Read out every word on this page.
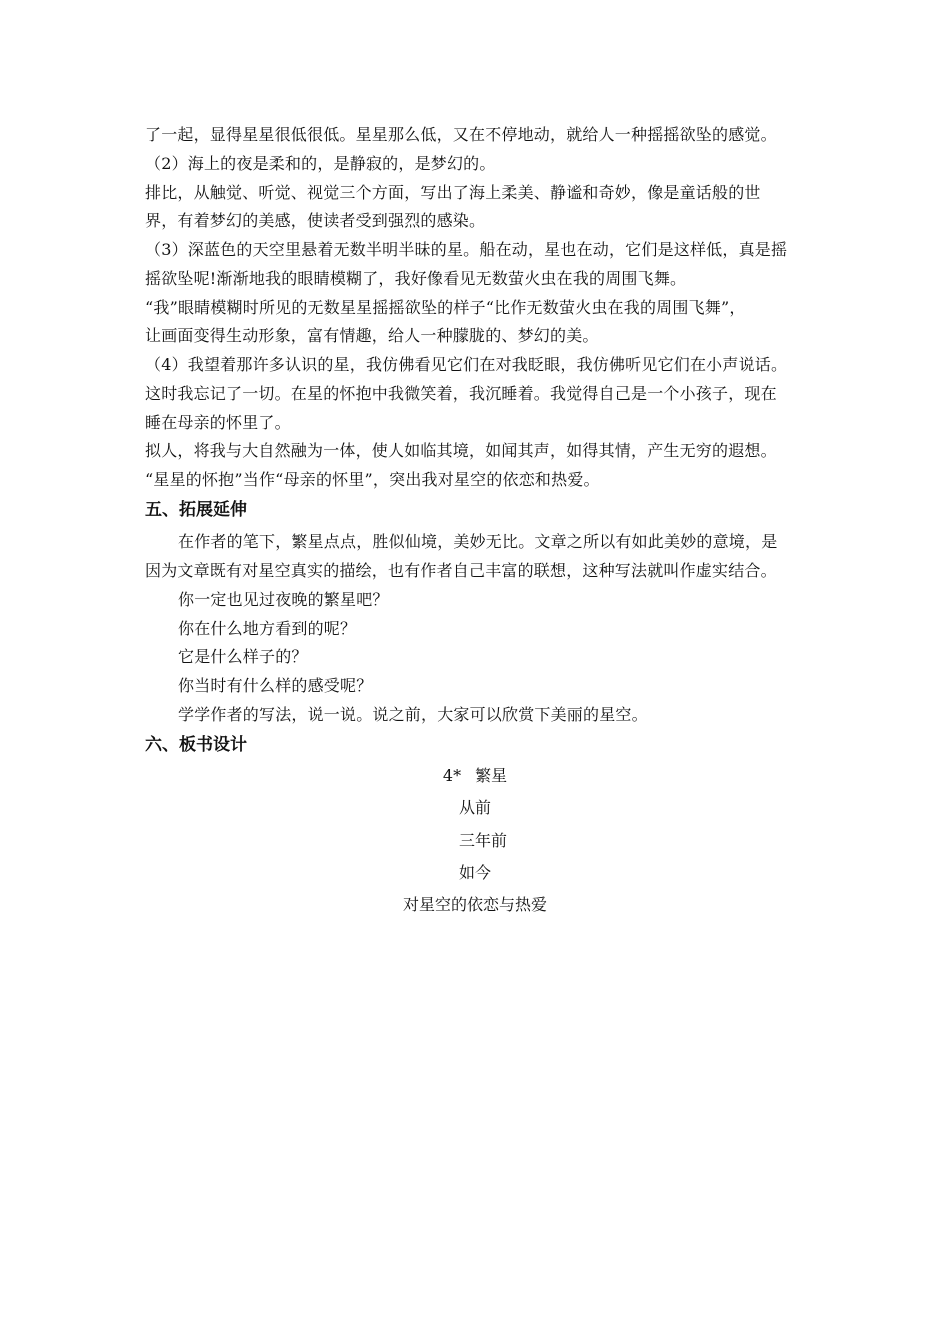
了一起，显得星星很低很低。星星那么低，又在不停地动，就给人一种摇摇欲坠的感觉。
（2）海上的夜是柔和的，是静寂的，是梦幻的。
排比，从触觉、听觉、视觉三个方面，写出了海上柔美、静谧和奇妙，像是童话般的世
界，有着梦幻的美感，使读者受到强烈的感染。
（3）深蓝色的天空里悬着无数半明半昧的星。船在动，星也在动，它们是这样低，真是摇
摇欲坠呢!渐渐地我的眼睛模糊了，我好像看见无数萤火虫在我的周围飞舞。
“我”眼睛模糊时所见的无数星星摇摇欲坠的样子“比作无数萤火虫在我的周围飞舞”，
让画面变得生动形象，富有情趣，给人一种朦胧的、梦幻的美。
（4）我望着那许多认识的星，我仿佛看见它们在对我眨眼，我仿佛听见它们在小声说话。
这时我忘记了一切。在星的怀抱中我微笑着，我沉睡着。我觉得自己是一个小孩子，现在
睡在母亲的怀里了。
拟人，将我与大自然融为一体，使人如临其境，如闻其声，如得其情，产生无穷的遐想。
“星星的怀抱”当作“母亲的怀里”，突出我对星空的依恋和热爱。
五、拓展延伸
在作者的笔下，繁星点点，胜似仙境，美妙无比。文章之所以有如此美妙的意境，是
因为文章既有对星空真实的描绘，也有作者自己丰富的联想，这种写法就叫作虚实结合。
你一定也见过夜晚的繁星吧？
你在什么地方看到的呢？
它是什么样子的？
你当时有什么样的感受呢？
学学作者的写法，说一说。说之前，大家可以欣赏下美丽的星空。
六、板书设计
4* 繁星
从前
三年前
如今
对星空的依恋与热爱
